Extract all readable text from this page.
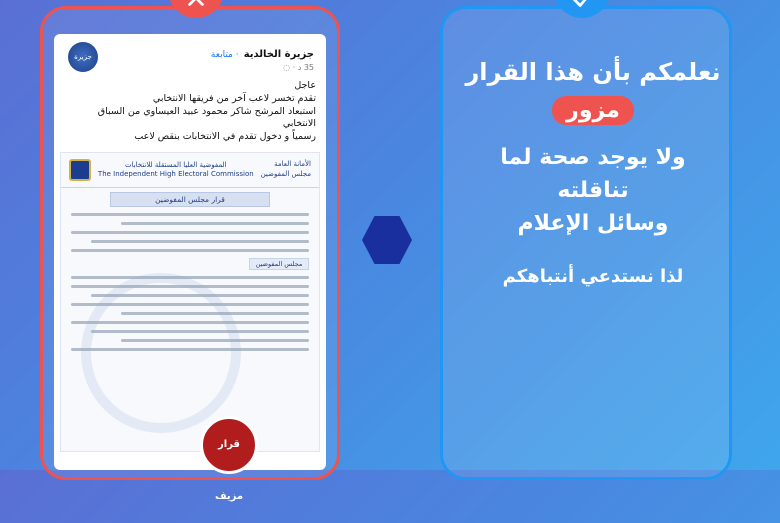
جزيرة الخالدية
جزيرة الخالدية · متابعة
35 د · ◌
عاجل
تقدم تخسر لاعب آخر من فريقها الانتخابي
استبعاد المرشح شاكر محمود عبيد العيساوي من السباق الانتخابي
رسمياً و دخول تقدم في الانتخابات بنقص لاعب
المفوضية العليا المستقلة للانتخابات
The Independent High Electoral Commission
الأمانة العامة
مجلس المفوضين
قرار مجلس المفوضين
مجلس المفوضين
قرار مزيف
نعلمكم بأن هذا القرار
مزور
ولا يوجد صحة لما تناقلته
وسائل الإعلام
لذا نستدعي أنتباهكم
